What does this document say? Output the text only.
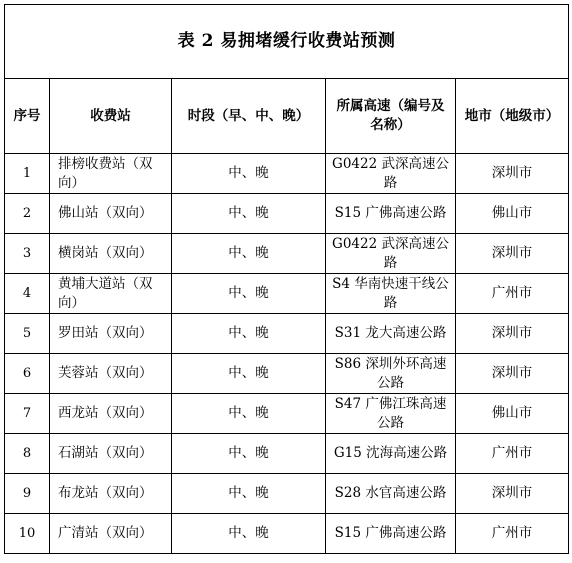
表 2 易拥堵缓行收费站预测				
序号	收费站	时段（早、中、晚）	所属高速（编号及名称）	地市（地级市）
1	排榜收费站（双向）	中、晚	G0422 武深高速公路	深圳市
2	佛山站（双向）	中、晚	S15 广佛高速公路	佛山市
3	横岗站（双向）	中、晚	G0422 武深高速公路	深圳市
4	黄埔大道站（双向）	中、晚	S4 华南快速干线公路	广州市
5	罗田站（双向）	中、晚	S31 龙大高速公路	深圳市
6	芙蓉站（双向）	中、晚	S86 深圳外环高速公路	深圳市
7	西龙站（双向）	中、晚	S47 广佛江珠高速公路	佛山市
8	石湖站（双向）	中、晚	G15 沈海高速公路	广州市
9	布龙站（双向）	中、晚	S28 水官高速公路	深圳市
10	广清站（双向）	中、晚	S15 广佛高速公路	广州市
